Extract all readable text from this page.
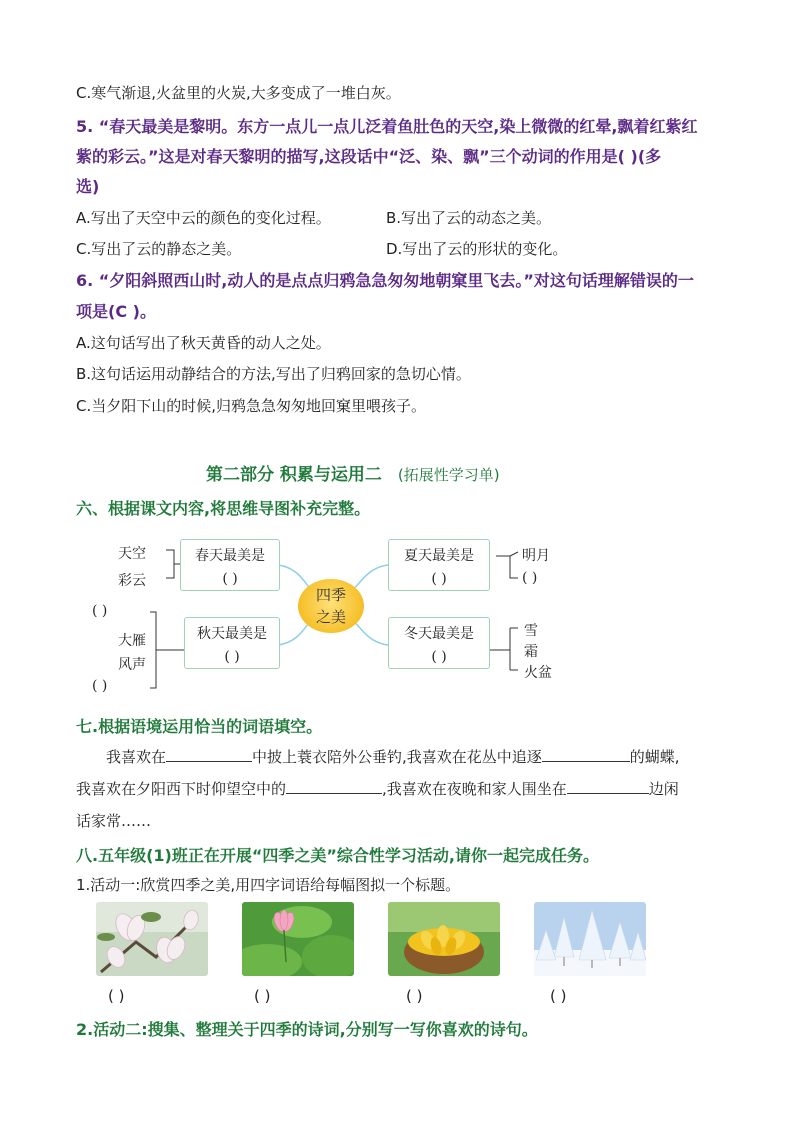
C.寒气渐退,火盆里的火炭,大多变成了一堆白灰。
5. “春天最美是黎明。东方一点儿一点儿泛着鱼肚色的天空,染上微微的红晕,飘着红紫红
紫的彩云。”这是对春天黎明的描写,这段话中“泛、染、飘”三个动词的作用是( )(多
选)
A.写出了天空中云的颜色的变化过程。	B.写出了云的动态之美。
C.写出了云的静态之美。	D.写出了云的形状的变化。
6. “夕阳斜照西山时,动人的是点点归鸦急急匆匆地朝窠里飞去。”对这句话理解错误的一
项是(C )。
A.这句话写出了秋天黄昏的动人之处。
B.这句话运用动静结合的方法,写出了归鸦回家的急切心情。
C.当夕阳下山的时候,归鸦急急匆匆地回窠里喂孩子。
第二部分 积累与运用二 (拓展性学习单)
六、根据课文内容,将思维导图补充完整。
春天最美是
( )
夏天最美是
( )
秋天最美是
( )
冬天最美是
( )
四季
之美
天空
彩云
明月
( )
( )
大雁
风声
( )
雪
霜
火盆
七.根据语境运用恰当的词语填空。
我喜欢在	中披上蓑衣陪外公垂钓,我喜欢在花丛中追逐	的蝴蝶,
我喜欢在夕阳西下时仰望空中的	,我喜欢在夜晚和家人围坐在	边闲
话家常……
八.五年级(1)班正在开展“四季之美”综合性学习活动,请你一起完成任务。
1.活动一:欣赏四季之美,用四字词语给每幅图拟一个标题。
( )	( )	( )	( )
2.活动二:搜集、整理关于四季的诗词,分别写一写你喜欢的诗句。
